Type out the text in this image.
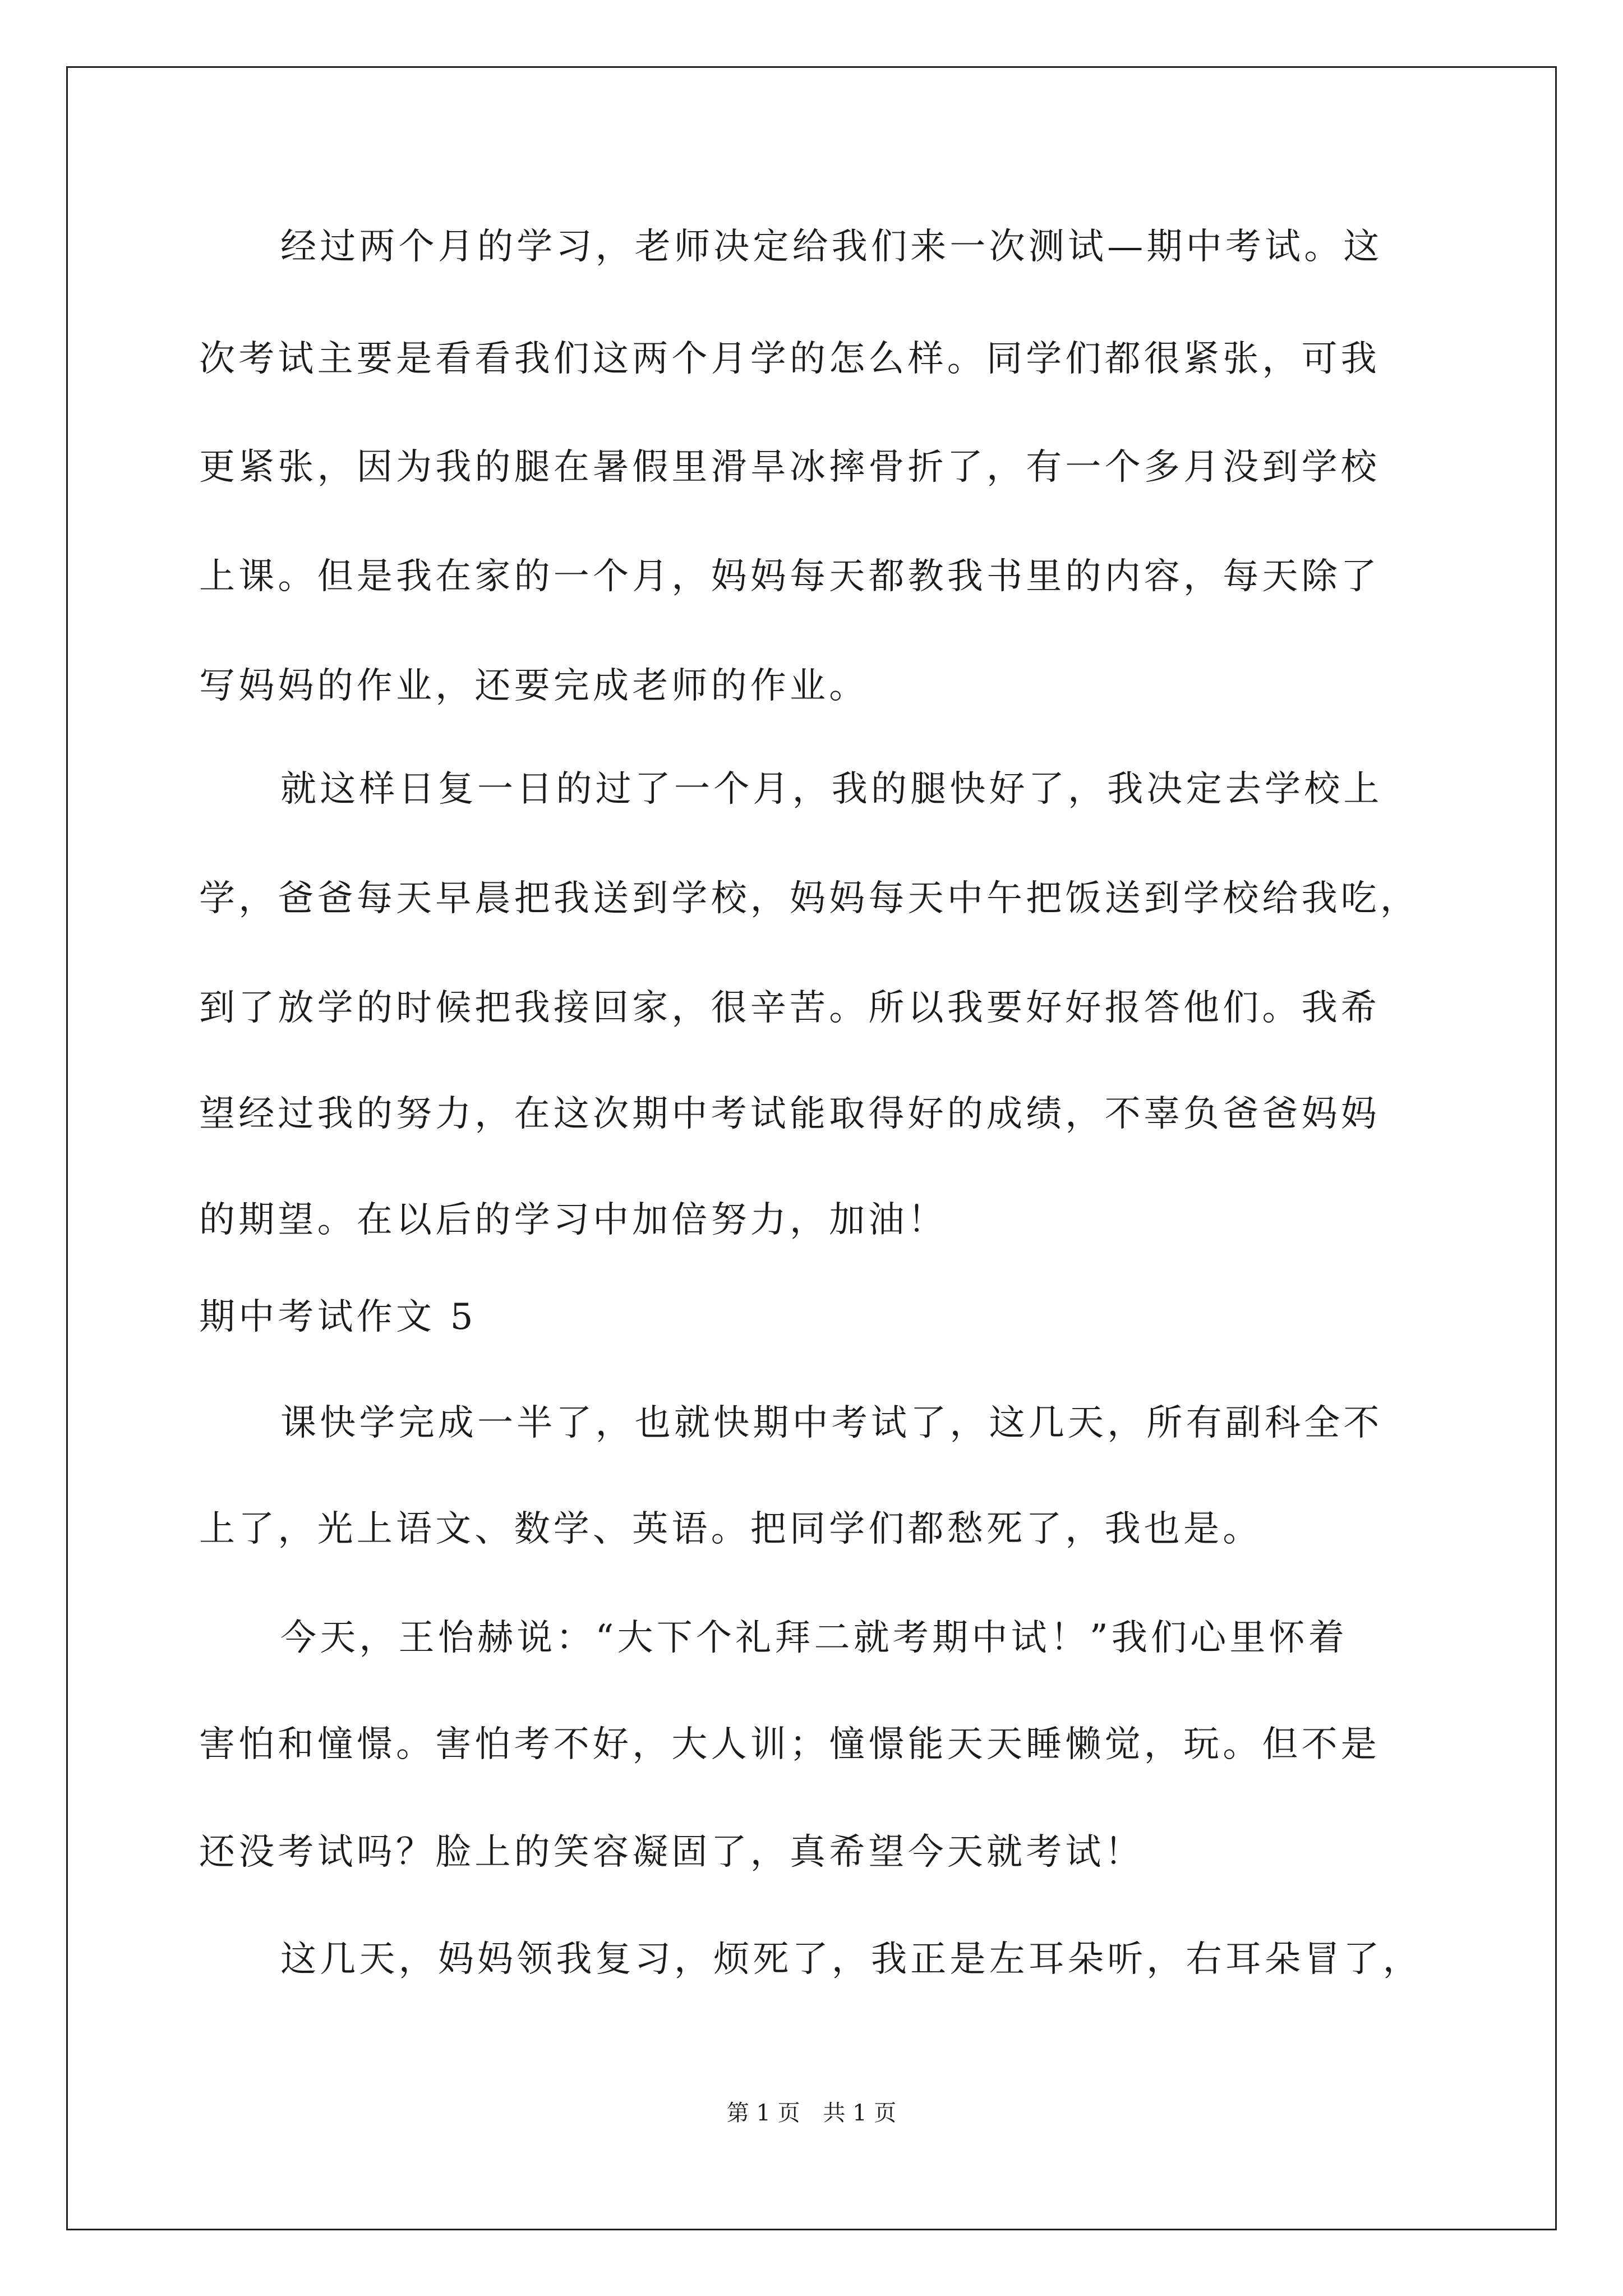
经过两个月的学习，老师决定给我们来一次测试—期中考试。这
次考试主要是看看我们这两个月学的怎么样。同学们都很紧张，可我
更紧张，因为我的腿在暑假里滑旱冰摔骨折了，有一个多月没到学校
上课。但是我在家的一个月，妈妈每天都教我书里的内容，每天除了
写妈妈的作业，还要完成老师的作业。
就这样日复一日的过了一个月，我的腿快好了，我决定去学校上
学，爸爸每天早晨把我送到学校，妈妈每天中午把饭送到学校给我吃，
到了放学的时候把我接回家，很辛苦。所以我要好好报答他们。我希
望经过我的努力，在这次期中考试能取得好的成绩，不辜负爸爸妈妈
的期望。在以后的学习中加倍努力，加油！
期中考试作文 5
课快学完成一半了，也就快期中考试了，这几天，所有副科全不
上了，光上语文、数学、英语。把同学们都愁死了，我也是。
今天，王怡赫说：“大下个礼拜二就考期中试！”我们心里怀着
害怕和憧憬。害怕考不好，大人训；憧憬能天天睡懒觉，玩。但不是
还没考试吗？脸上的笑容凝固了，真希望今天就考试！
这几天，妈妈领我复习，烦死了，我正是左耳朵听，右耳朵冒了，
第 1 页 共 1 页
